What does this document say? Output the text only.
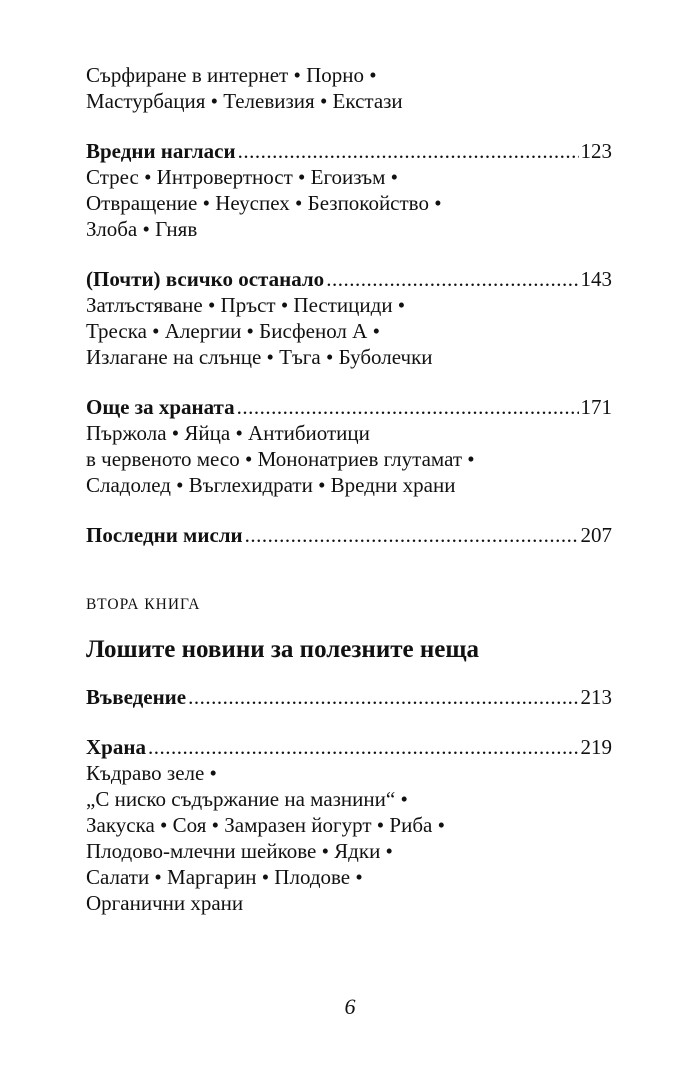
Сърфиране в интернет • Порно •
Мастурбация • Телевизия • Екстази
Вредни нагласи .....	123
Стрес • Интровертност • Егоизъм •
Отвращение • Неуспех • Безпокойство •
Злоба • Гняв
(Почти) всичко останало .....	143
Затлъстяване • Пръст • Пестициди •
Треска • Алергии • Бисфенол А •
Излагане на слънце • Тъга • Буболечки
Още за храната .....	171
Пържола • Яйца • Антибиотици
в червеното месо • Мононатриев глутамат •
Сладолед • Въглехидрати • Вредни храни
Последни мисли .....	207
ВТОРА КНИГА
Лошите новини за полезните неща
Въведение .....	213
Храна .....	219
Къдраво зеле •
„С ниско съдържание на мазнини“ •
Закуска • Соя • Замразен йогурт • Риба •
Плодово-млечни шейкове • Ядки •
Салати • Маргарин • Плодове •
Органични храни
6
